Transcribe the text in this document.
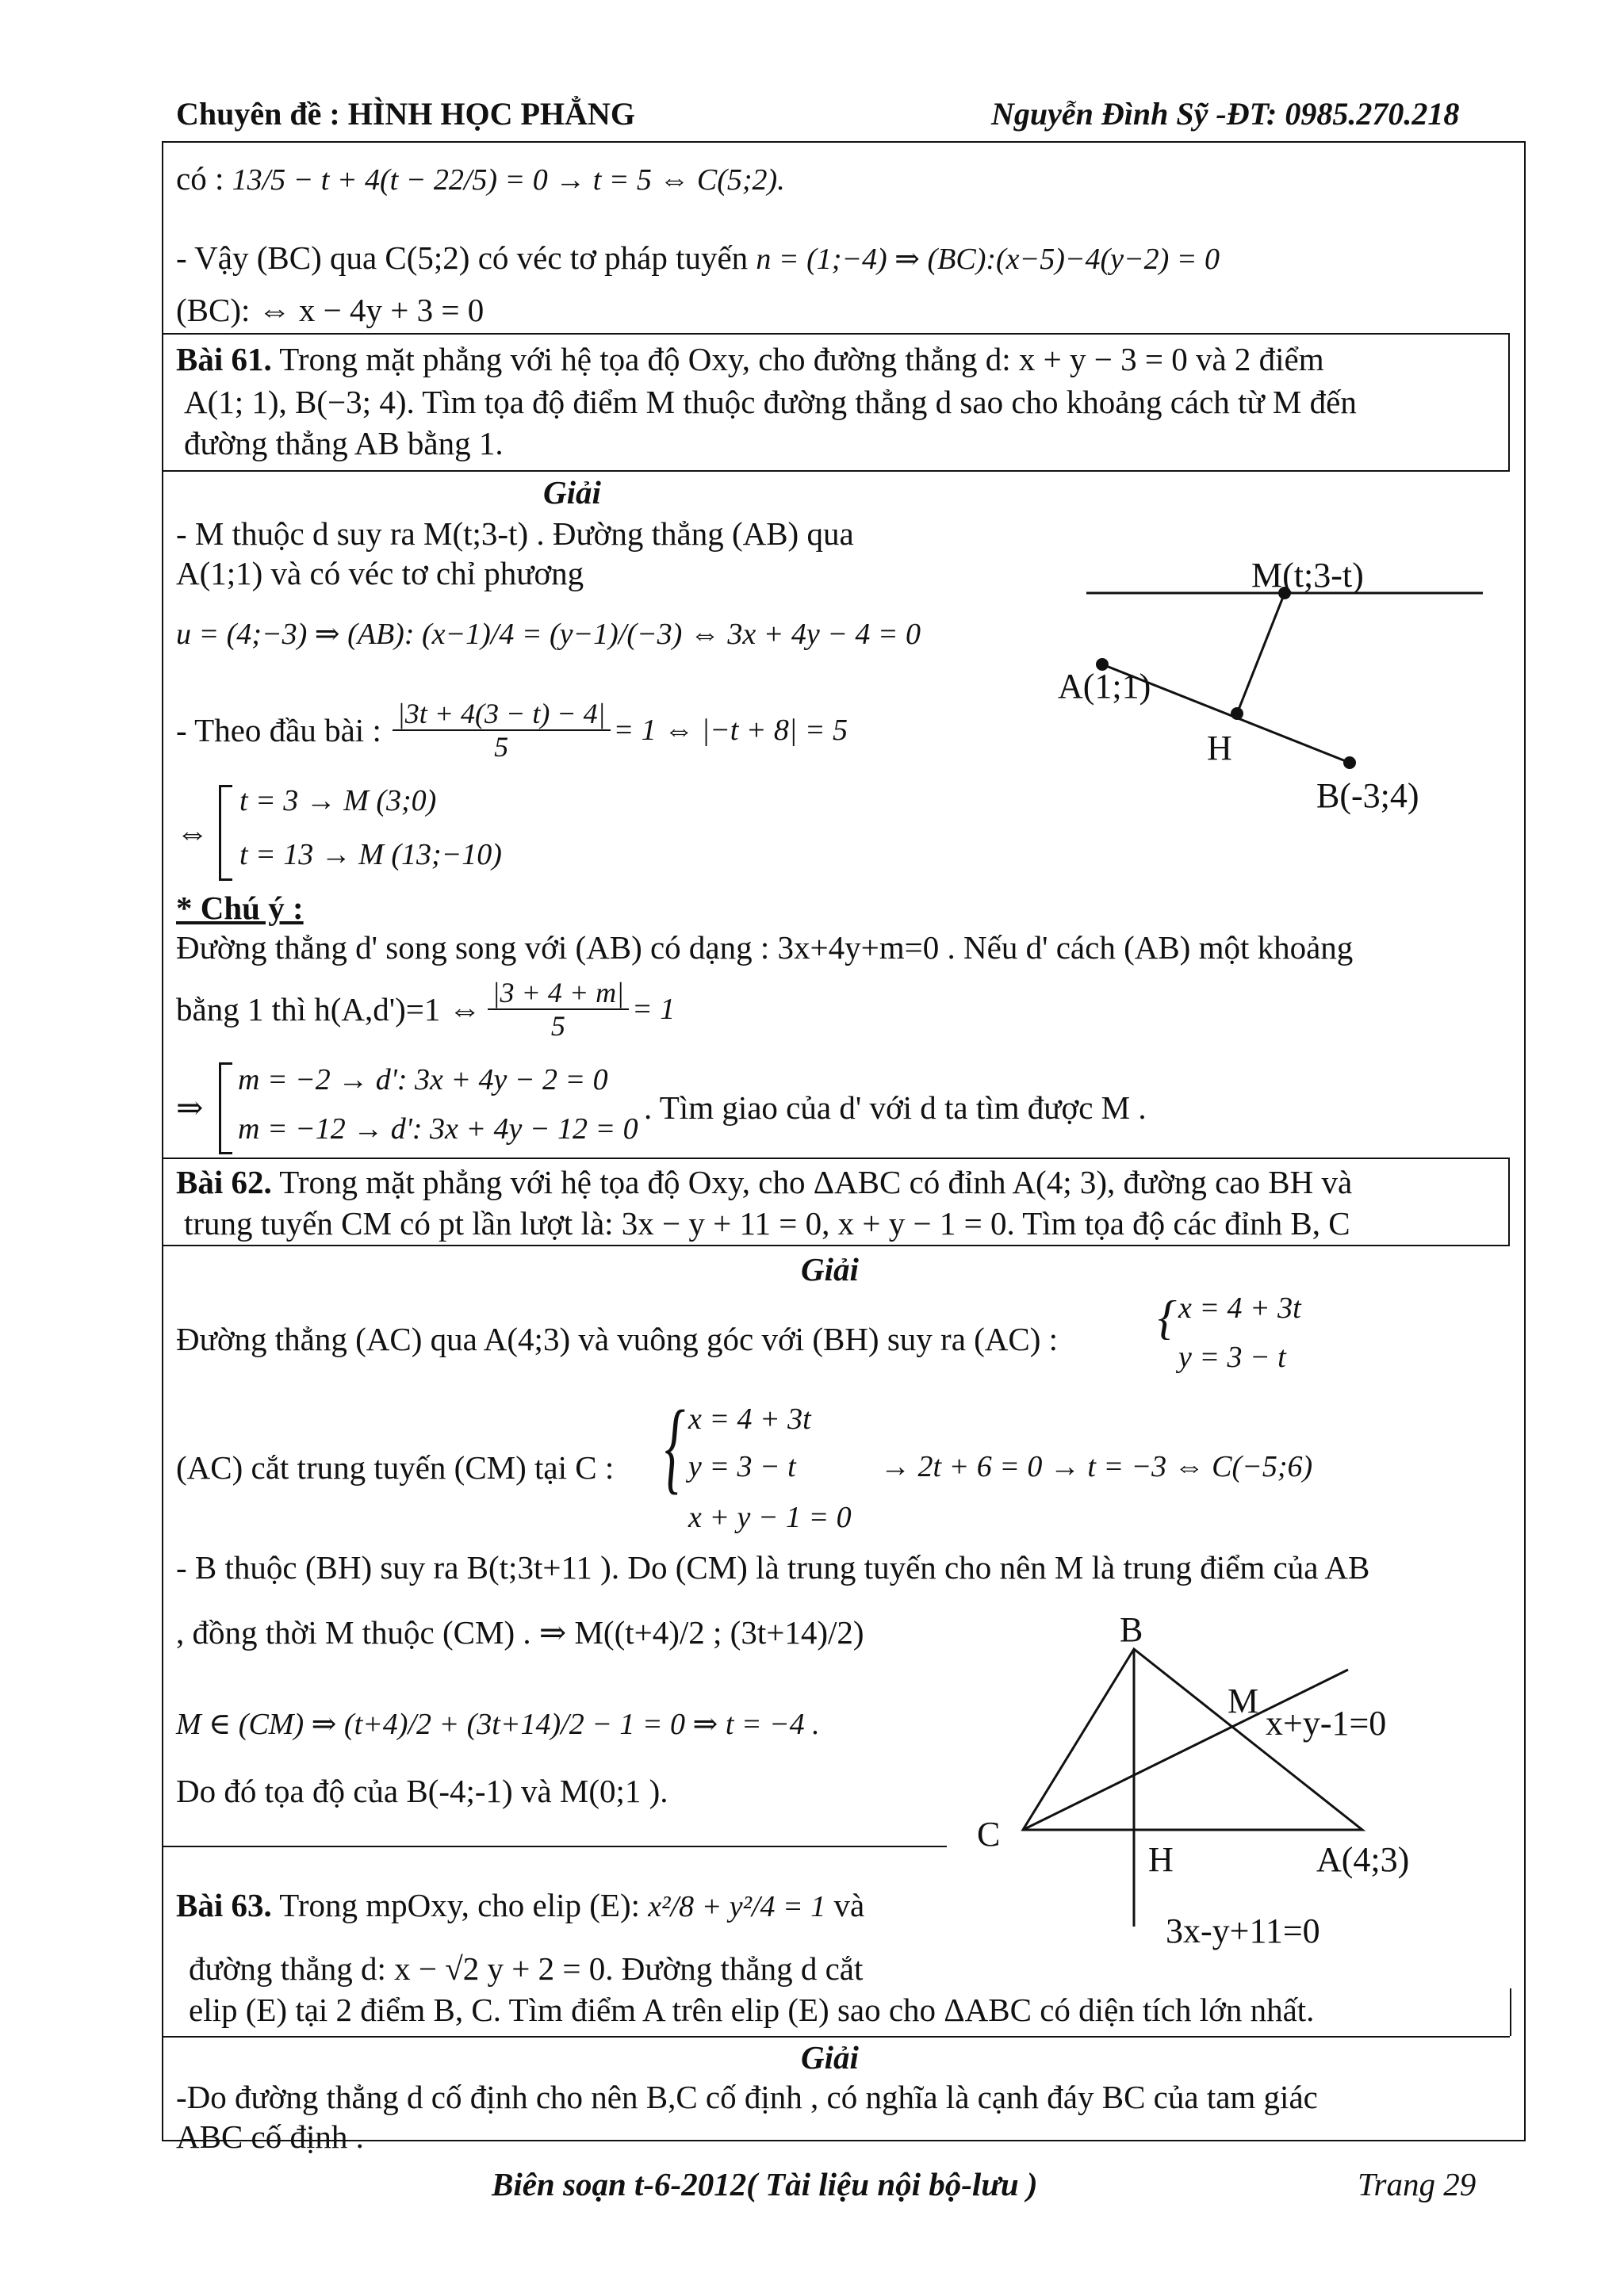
Chuyên đề : HÌNH HỌC PHẲNG	Nguyễn Đình Sỹ -ĐT: 0985.270.218
có : 13/5 − t + 4(t − 22/5) = 0 → t = 5 ⇔ C(5;2).
- Vậy (BC) qua C(5;2) có véc tơ pháp tuyến n = (1;−4) ⇒ (BC):(x−5)−4(y−2) = 0
(BC): ⇔ x − 4y + 3 = 0
Bài 61. Trong mặt phẳng với hệ tọa độ Oxy, cho đường thẳng d: x + y − 3 = 0 và 2 điểm
A(1; 1), B(−3; 4). Tìm tọa độ điểm M thuộc đường thẳng d sao cho khoảng cách từ M đến
đường thẳng AB bằng 1.
Giải
- M thuộc d suy ra M(t;3-t) . Đường thẳng (AB) qua
A(1;1) và có véc tơ chỉ phương
u = (4;−3) ⇒ (AB): (x−1)/4 = (y−1)/(−3) ⇔ 3x + 4y − 4 = 0
- Theo đầu bài : $\frac{|3t + 4(3 - t) - 4|}{5} = 1$ ⇔ |−t + 8| = 5
⇔
t = 3 → M (3;0)
t = 13 → M (13;−10)
* Chú ý :
Đường thẳng d' song song với (AB) có dạng : 3x+4y+m=0 . Nếu d' cách (AB) một khoảng
bằng 1 thì h(A,d')=1 ⇔ $\frac{|3 + 4 + m|}{5} = 1$
⇒
m = −2 → d': 3x + 4y − 2 = 0
m = −12 → d': 3x + 4y − 12 = 0
. Tìm giao của d' với d ta tìm được M .
M(t;3-t)
A(1;1)
H
B(-3;4)
Bài 62. Trong mặt phẳng với hệ tọa độ Oxy, cho ΔABC có đỉnh A(4; 3), đường cao BH và
trung tuyến CM có pt lần lượt là: 3x − y + 11 = 0, x + y − 1 = 0. Tìm tọa độ các đỉnh B, C
Giải
Đường thẳng (AC) qua A(4;3) và vuông góc với (BH) suy ra (AC) : { x = 4 + 3t
y = 3 − t
(AC) cắt trung tuyến (CM) tại C : { x = 4 + 3t
y = 3 − t
x + y − 1 = 0
→ 2t + 6 = 0 → t = −3 ⇔ C(−5;6)
- B thuộc (BH) suy ra B(t;3t+11 ). Do (CM) là trung tuyến cho nên M là trung điểm của AB
, đồng thời M thuộc (CM) . ⇒ M((t+4)/2 ; (3t+14)/2)
M ∈ (CM) ⇒ (t+4)/2 + (3t+14)/2 − 1 = 0 ⇒ t = −4 .
Do đó tọa độ của B(-4;-1) và M(0;1 ).
B
M
x+y-1=0
C
H	A(4;3)
3x-y+11=0
Bài 63. Trong mpOxy, cho elip (E): x²/8 + y²/4 = 1 và
đường thẳng d: x − √2 y + 2 = 0. Đường thẳng d cắt
elip (E) tại 2 điểm B, C. Tìm điểm A trên elip (E) sao cho ΔABC có diện tích lớn nhất.
Giải
-Do đường thẳng d cố định cho nên B,C cố định , có nghĩa là cạnh đáy BC của tam giác
ABC cố định .
Biên soạn t-6-2012( Tài liệu nội bộ-lưu )	Trang 29
